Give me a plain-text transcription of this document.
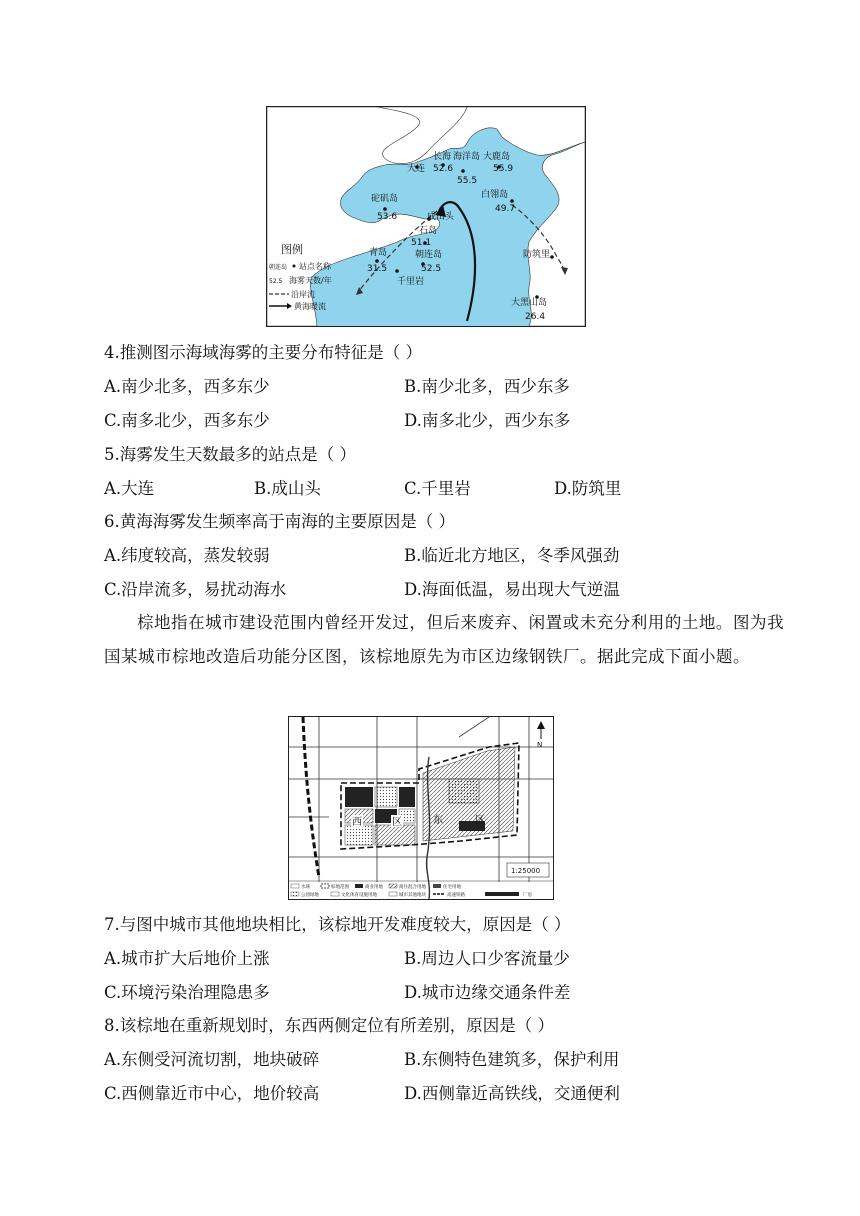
大连
长海
52.6
海洋岛
55.5
大鹿岛
55.9
白翎岛
49.7
砣矶岛
53.6	成山头
石岛
51.1
青岛
31.5
朝连岛
52.5
千里岩
防筑里
大黑山岛
26.4
图例
朝连岛 站点名称
52.5 海雾天数/年
沿岸流
黄海暖流
4.推测图示海域海雾的主要分布特征是（ ）
A.南少北多，西多东少	B.南少北多，西少东多
C.南多北少，西多东少	D.南多北少，西少东多
5.海雾发生天数最多的站点是（ ）
A.大连	B.成山头	C.千里岩	D.防筑里
6.黄海海雾发生频率高于南海的主要原因是（ ）
A.纬度较高，蒸发较弱	B.临近北方地区，冬季风强劲
C.沿岸流多，易扰动海水	D.海面低温，易出现大气逆温
棕地指在城市建设范围内曾经开发过，但后来废弃、闲置或未充分利用的土地。图为我国某城市棕地改造后功能分区图，该棕地原先为市区边缘钢铁厂。据此完成下面小题。
西	区	东	区
N
1:25000
水域	棕地范围	商业用地	商住混合用地	住宅用地
公园绿地	文化体育设施用地	城市其他地块	高速铁路	厂房
7.与图中城市其他地块相比，该棕地开发难度较大，原因是（ ）
A.城市扩大后地价上涨	B.周边人口少客流量少
C.环境污染治理隐患多	D.城市边缘交通条件差
8.该棕地在重新规划时，东西两侧定位有所差别，原因是（ ）
A.东侧受河流切割，地块破碎	B.东侧特色建筑多，保护利用
C.西侧靠近市中心，地价较高	D.西侧靠近高铁线，交通便利
